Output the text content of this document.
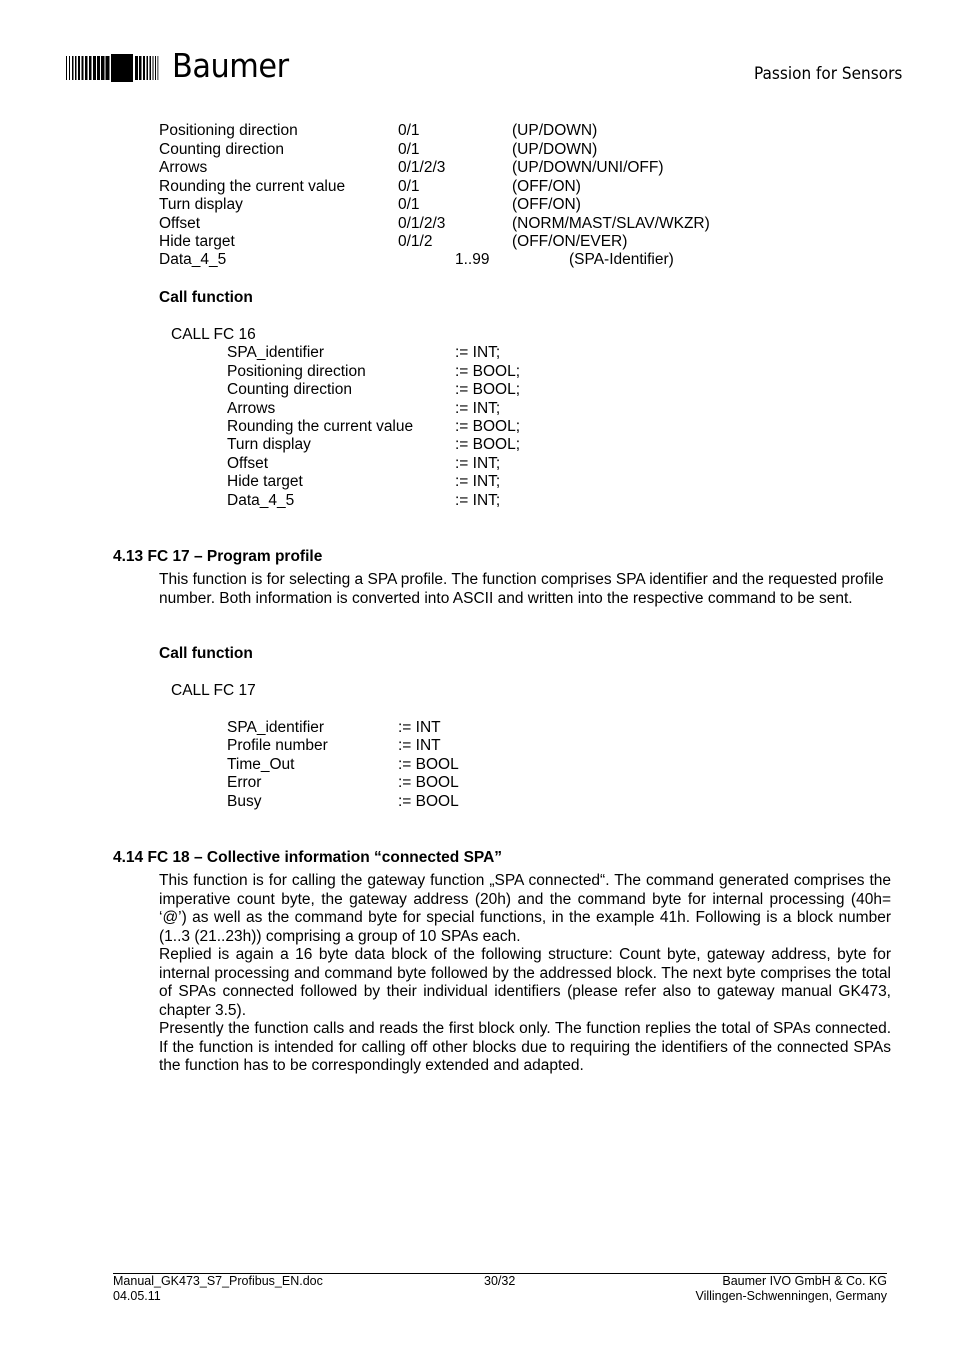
Baumer	Passion for Sensors
Positioning direction	0/1	(UP/DOWN)
Counting direction	0/1	(UP/DOWN)
Arrows	0/1/2/3	(UP/DOWN/UNI/OFF)
Rounding the current value	0/1	(OFF/ON)
Turn display	0/1	(OFF/ON)
Offset	0/1/2/3	(NORM/MAST/SLAV/WKZR)
Hide target	0/1/2	(OFF/ON/EVER)
Data_4_5	1..99	(SPA-Identifier)
Call function
CALL FC 16
SPA_identifier	:= INT;
Positioning direction	:= BOOL;
Counting direction	:= BOOL;
Arrows	:= INT;
Rounding the current value	:= BOOL;
Turn display	:= BOOL;
Offset	:= INT;
Hide target	:= INT;
Data_4_5	:= INT;
4.13 FC 17 – Program profile
This function is for selecting a SPA profile. The function comprises SPA identifier and the requested profile number. Both information is converted into ASCII and written into the respective command to be sent.
Call function
CALL FC 17
SPA_identifier	:= INT
Profile number	:= INT
Time_Out	:= BOOL
Error	:= BOOL
Busy	:= BOOL
4.14 FC 18 – Collective information “connected SPA”
This function is for calling the gateway function „SPA connected“. The command generated comprises the imperative count byte, the gateway address (20h) and the command byte for internal processing (40h= ‘@’) as well as the command byte for special functions, in the example 41h. Following is a block number (1..3 (21..23h)) comprising a group of 10 SPAs each.
Replied is again a 16 byte data block of the following structure: Count byte, gateway address, byte for internal processing and command byte followed by the addressed block. The next byte comprises the total of SPAs connected followed by their individual identifiers (please refer also to gateway manual GK473, chapter 3.5).
Presently the function calls and reads the first block only. The function replies the total of SPAs connected. If the function is intended for calling off other blocks due to requiring the identifiers of the connected SPAs the function has to be correspondingly extended and adapted.
Manual_GK473_S7_Profibus_EN.doc
04.05.11
30/32	Baumer IVO GmbH & Co. KG
Villingen-Schwenningen, Germany
